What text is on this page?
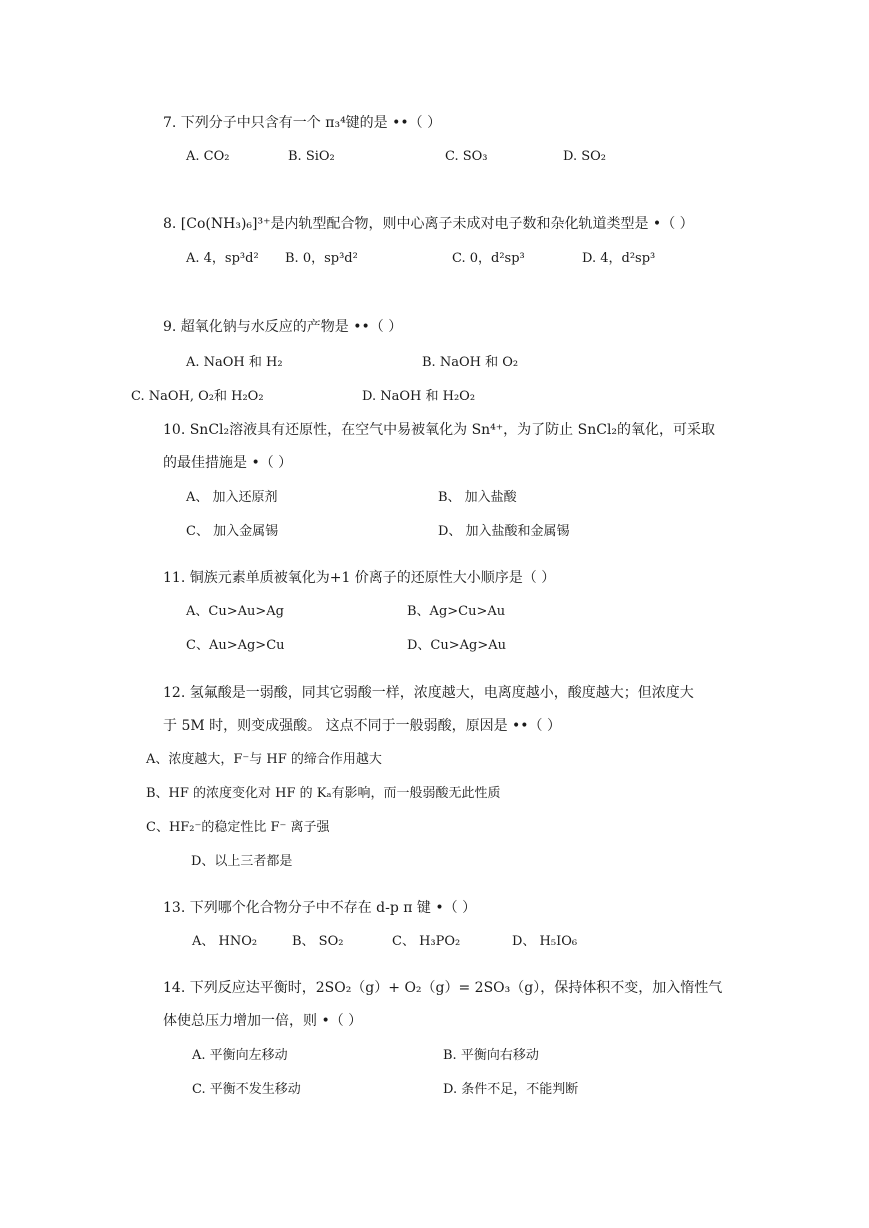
7. 下列分子中只含有一个 π₃⁴键的是 ••（ ）
A. CO₂	B. SiO₂	C. SO₃	D. SO₂
8. [Co(NH₃)₆]³⁺是内轨型配合物，则中心离子未成对电子数和杂化轨道类型是 •（ ）
A. 4，sp³d² B. 0，sp³d²	C. 0，d²sp³	D. 4，d²sp³
9. 超氧化钠与水反应的产物是 ••（ ）
A. NaOH 和 H₂	B. NaOH 和 O₂
C. NaOH, O₂和 H₂O₂	D. NaOH 和 H₂O₂
10. SnCl₂溶液具有还原性，在空气中易被氧化为 Sn⁴⁺，为了防止 SnCl₂的氧化，可采取
的最佳措施是 •（ ）
A、 加入还原剂	B、 加入盐酸
C、 加入金属锡	D、 加入盐酸和金属锡
11. 铜族元素单质被氧化为+1 价离子的还原性大小顺序是（ ）
A、Cu>Au>Ag	B、Ag>Cu>Au
C、Au>Ag>Cu	D、Cu>Ag>Au
12. 氢氟酸是一弱酸，同其它弱酸一样，浓度越大，电离度越小，酸度越大；但浓度大
于 5M 时，则变成强酸。 这点不同于一般弱酸，原因是 ••（ ）
A、浓度越大，F⁻与 HF 的缔合作用越大
B、HF 的浓度变化对 HF 的 Kₐ有影响，而一般弱酸无此性质
C、HF₂⁻的稳定性比 F⁻ 离子强
D、以上三者都是
13. 下列哪个化合物分子中不存在 d-p π 键 •（ ）
A、 HNO₂	B、 SO₂	C、 H₃PO₂	D、 H₅IO₆
14. 下列反应达平衡时，2SO₂（g）+ O₂（g）= 2SO₃（g），保持体积不变，加入惰性气
体使总压力增加一倍，则 •（ ）
A. 平衡向左移动	B. 平衡向右移动
C. 平衡不发生移动	D. 条件不足，不能判断
